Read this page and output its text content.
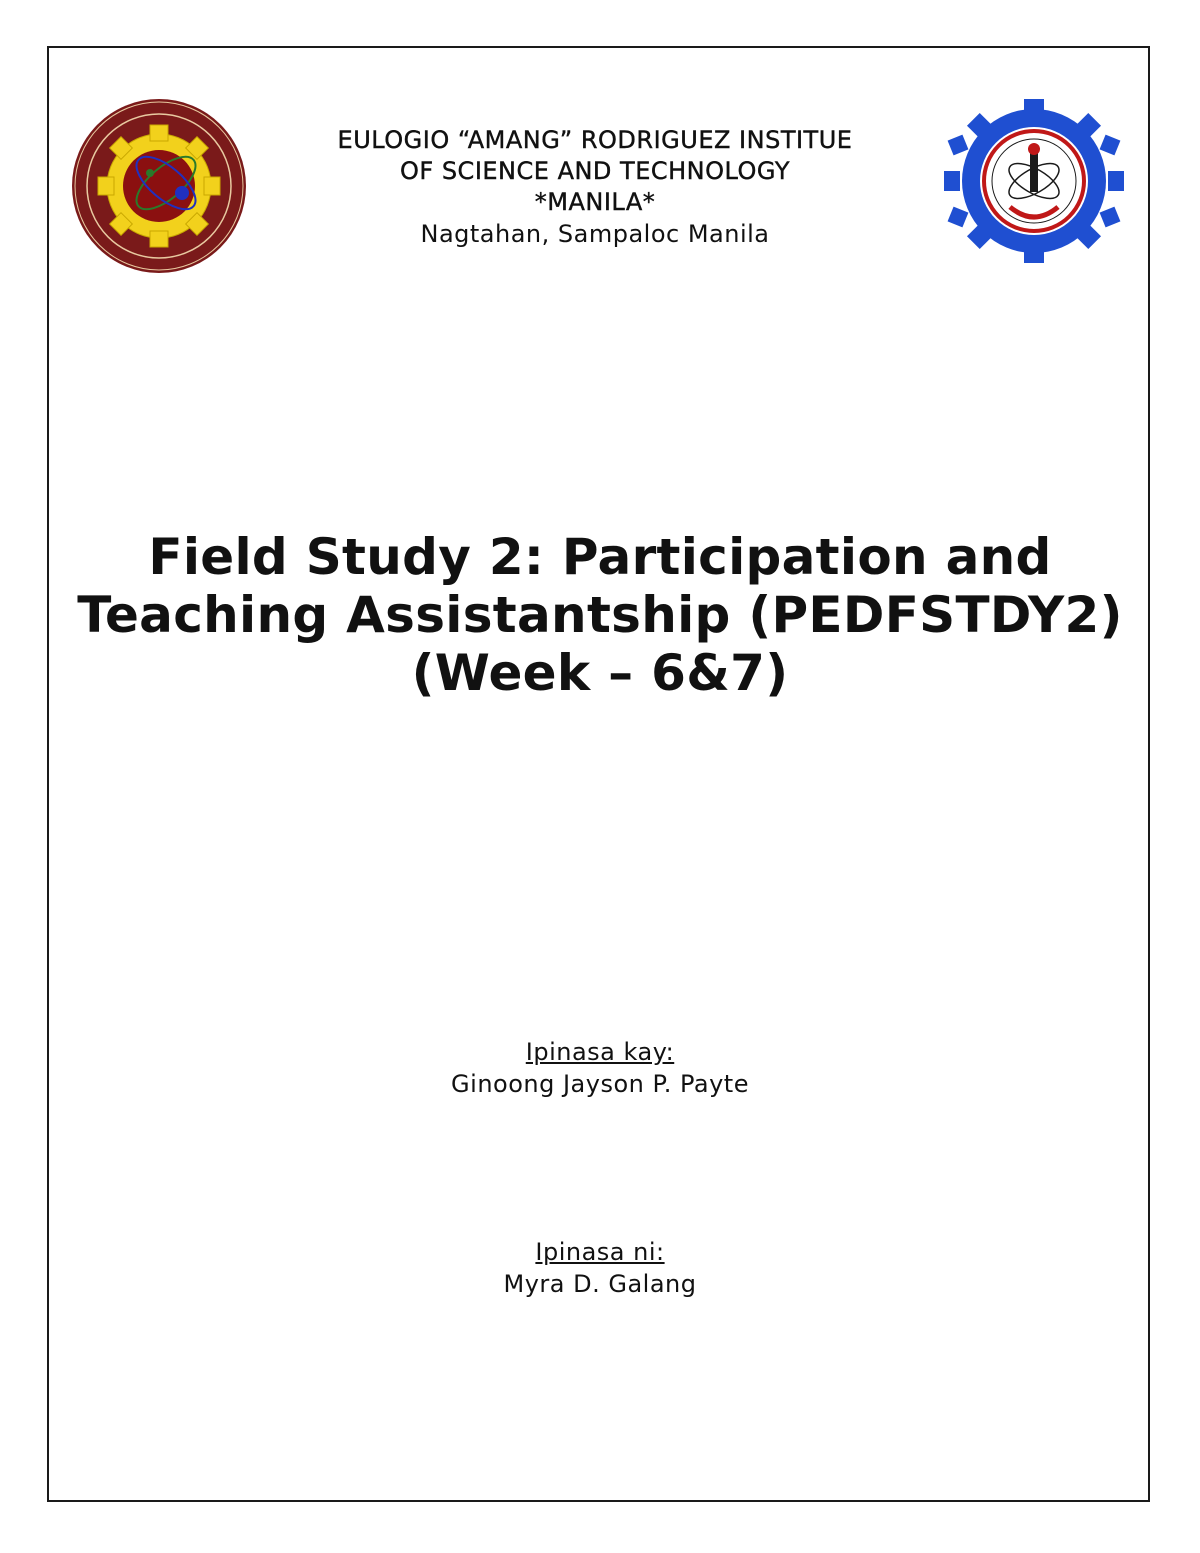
EULOGIO “AMANG” RODRIGUEZ INSTITUE
OF SCIENCE AND TECHNOLOGY
*MANILA*
Nagtahan, Sampaloc Manila
Field Study 2: Participation and
Teaching Assistantship (PEDFSTDY2)
(Week – 6&7)
Ipinasa kay:
Ginoong Jayson P. Payte
Ipinasa ni:
Myra D. Galang
